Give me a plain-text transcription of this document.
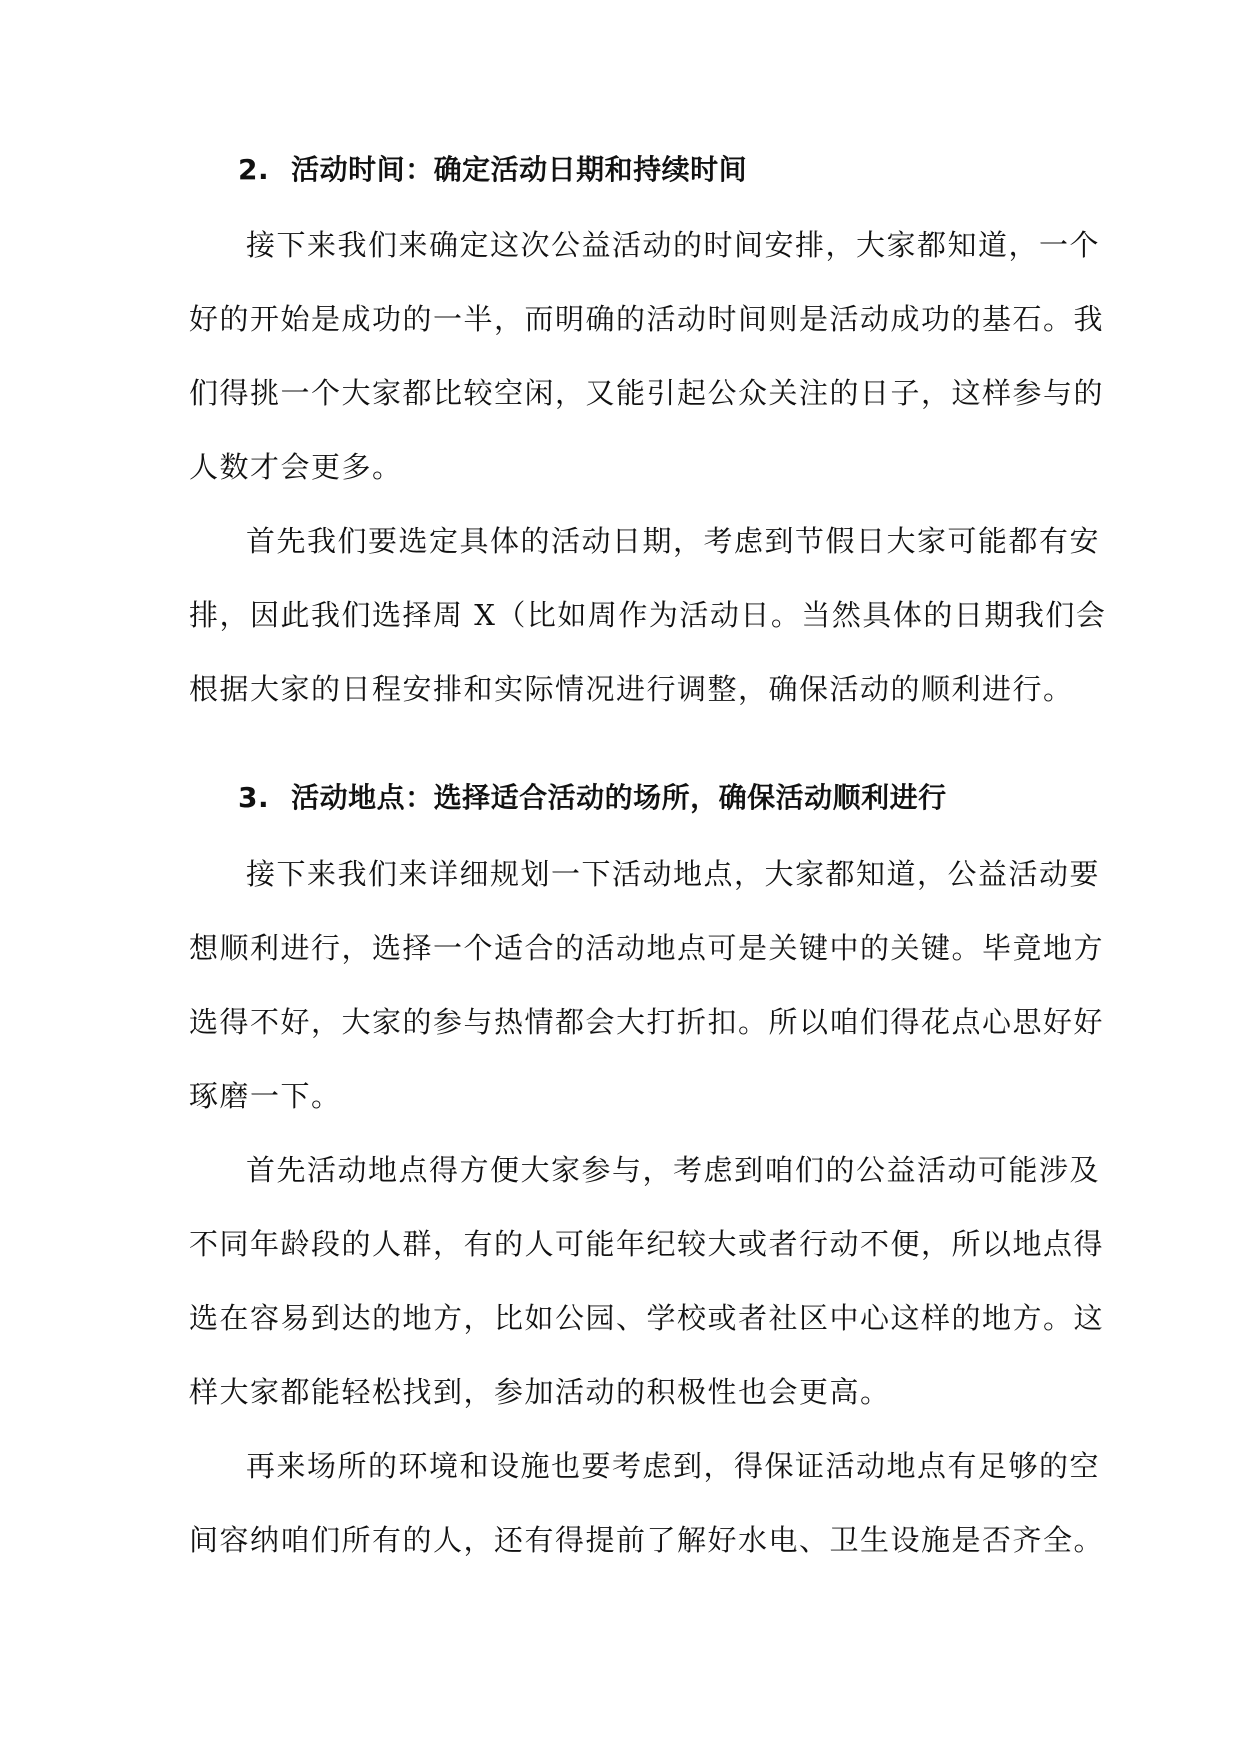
2. 活动时间：确定活动日期和持续时间
接下来我们来确定这次公益活动的时间安排，大家都知道，一个
好的开始是成功的一半，而明确的活动时间则是活动成功的基石。我
们得挑一个大家都比较空闲，又能引起公众关注的日子，这样参与的
人数才会更多。
首先我们要选定具体的活动日期，考虑到节假日大家可能都有安
排，因此我们选择周 X（比如周作为活动日。当然具体的日期我们会
根据大家的日程安排和实际情况进行调整，确保活动的顺利进行。
3. 活动地点：选择适合活动的场所，确保活动顺利进行
接下来我们来详细规划一下活动地点，大家都知道，公益活动要
想顺利进行，选择一个适合的活动地点可是关键中的关键。毕竟地方
选得不好，大家的参与热情都会大打折扣。所以咱们得花点心思好好
琢磨一下。
首先活动地点得方便大家参与，考虑到咱们的公益活动可能涉及
不同年龄段的人群，有的人可能年纪较大或者行动不便，所以地点得
选在容易到达的地方，比如公园、学校或者社区中心这样的地方。这
样大家都能轻松找到，参加活动的积极性也会更高。
再来场所的环境和设施也要考虑到，得保证活动地点有足够的空
间容纳咱们所有的人，还有得提前了解好水电、卫生设施是否齐全。
